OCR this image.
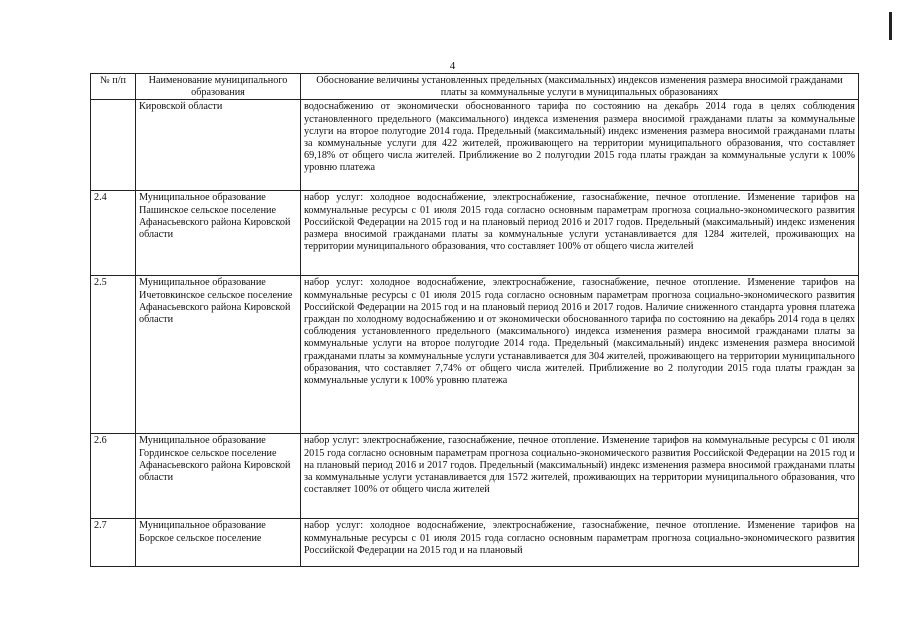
4
№ п/п	Наименование муниципального образования	Обоснование величины установленных предельных (максимальных) индексов изменения размера вносимой гражданами платы за коммунальные услуги в муниципальных образованиях
	Кировской области	водоснабжению от экономически обоснованного тарифа по состоянию на декабрь 2014 года в целях соблюдения установленного предельного (максимального) индекса изменения размера вносимой гражданами платы за коммунальные услуги на второе полугодие 2014 года. Предельный (максимальный) индекс изменения размера вносимой гражданами платы за коммунальные услуги для 422 жителей, проживающего на территории муниципального образования, что составляет 69,18% от общего числа жителей. Приближение во 2 полугодии 2015 года платы граждан за коммунальные услуги к 100% уровню платежа
2.4	Муниципальное образование Пашинское сельское поселение Афанасьевского района Кировской области	набор услуг: холодное водоснабжение, электроснабжение, газоснабжение, печное отопление. Изменение тарифов на коммунальные ресурсы с 01 июля 2015 года согласно основным параметрам прогноза социально-экономического развития Российской Федерации на 2015 год и на плановый период 2016 и 2017 годов. Предельный (максимальный) индекс изменения размера вносимой гражданами платы за коммунальные услуги устанавливается для 1284 жителей, проживающих на территории муниципального образования, что составляет 100% от общего числа жителей
2.5	Муниципальное образование Ичетовкинское сельское поселение Афанасьевского района Кировской области	набор услуг: холодное водоснабжение, электроснабжение, газоснабжение, печное отопление. Изменение тарифов на коммунальные ресурсы с 01 июля 2015 года согласно основным параметрам прогноза социально-экономического развития Российской Федерации на 2015 год и на плановый период 2016 и 2017 годов. Наличие сниженного стандарта уровня платежа граждан по холодному водоснабжению и от экономически обоснованного тарифа по состоянию на декабрь 2014 года в целях соблюдения установленного предельного (максимального) индекса изменения размера вносимой гражданами платы за коммунальные услуги на второе полугодие 2014 года. Предельный (максимальный) индекс изменения размера вносимой гражданами платы за коммунальные услуги устанавливается для 304 жителей, проживающего на территории муниципального образования, что составляет 7,74% от общего числа жителей. Приближение во 2 полугодии 2015 года платы граждан за коммунальные услуги к 100% уровню платежа
2.6	Муниципальное образование Гординское сельское поселение Афанасьевского района Кировской области	набор услуг: электроснабжение, газоснабжение, печное отопление. Изменение тарифов на коммунальные ресурсы с 01 июля 2015 года согласно основным параметрам прогноза социально-экономического развития Российской Федерации на 2015 год и на плановый период 2016 и 2017 годов. Предельный (максимальный) индекс изменения размера вносимой гражданами платы за коммунальные услуги устанавливается для 1572 жителей, проживающих на территории муниципального образования, что составляет 100% от общего числа жителей
2.7	Муниципальное образование Борское сельское поселение	набор услуг: холодное водоснабжение, электроснабжение, газоснабжение, печное отопление. Изменение тарифов на коммунальные ресурсы с 01 июля 2015 года согласно основным параметрам прогноза социально-экономического развития Российской Федерации на 2015 год и на плановый
